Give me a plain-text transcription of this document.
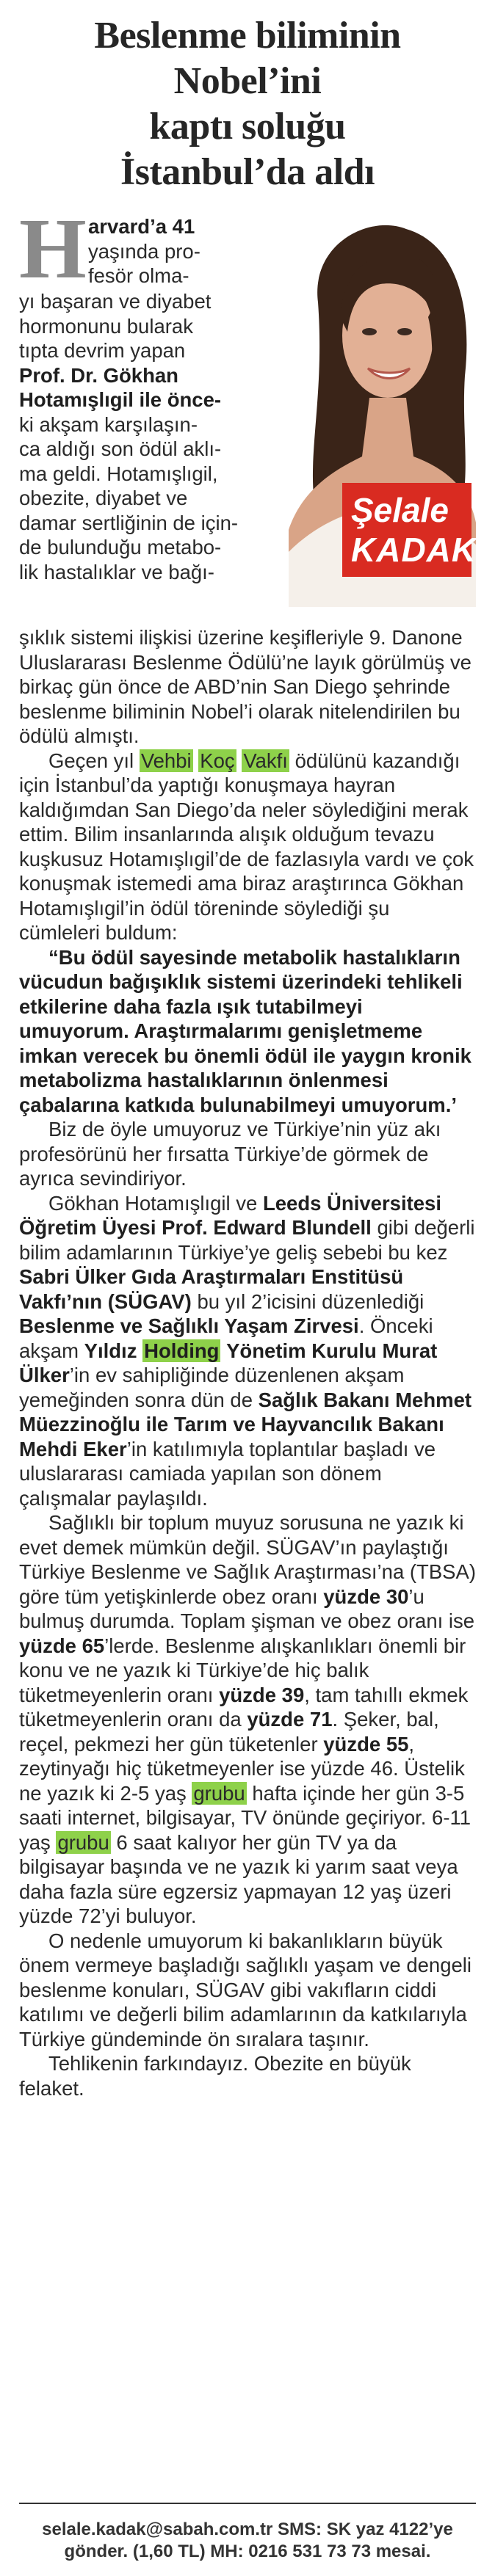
Beslenme biliminin
Nobel’ini
kaptı soluğu
İstanbul’da aldı
Şelale
KADAK
H arvard’a 41

yaşında pro-

fesör olma-

yı başaran ve diyabet

hormonunu bularak

tıpta devrim yapan

Prof. Dr. Gökhan

Hotamışlıgil ile önce-

ki akşam karşılaşın-

ca aldığı son ödül aklı-

ma geldi. Hotamışlıgil,

obezite, diyabet ve

damar sertliğinin de için-

de bulunduğu metabo-

lik hastalıklar ve bağı-

şıklık sistemi ilişkisi üzerine keşifleriyle 9. Danone Uluslararası Beslenme Ödülü’ne layık görülmüş ve birkaç gün önce de ABD’nin San Diego şehrinde beslenme biliminin Nobel’i olarak nitelendirilen bu ödülü almıştı.

Geçen yıl Vehbi Koç Vakfı ödülünü kazandığı için İstanbul’da yaptığı konuşmaya hayran kaldığımdan San Diego’da neler söylediğini merak ettim. Bilim insanlarında alışık olduğum tevazu kuşkusuz Hotamışlıgil’de de fazlasıyla vardı ve çok konuşmak istemedi ama biraz araştırınca Gökhan Hotamışlıgil’in ödül töreninde söylediği şu cümleleri buldum:

“Bu ödül sayesinde metabolik hastalıkların vücudun bağışıklık sistemi üzerindeki tehlikeli etkilerine daha fazla ışık tutabilmeyi umuyorum. Araştırmalarımı genişletmeme imkan verecek bu önemli ödül ile yaygın kronik metabolizma hastalıklarının önlenmesi çabalarına katkıda bulunabilmeyi umuyorum.’

Biz de öyle umuyoruz ve Türkiye’nin yüz akı profesörünü her fırsatta Türkiye’de görmek de ayrıca sevindiriyor.

Gökhan Hotamışlıgil ve Leeds Üniversitesi Öğretim Üyesi Prof. Edward Blundell gibi değerli bilim adamlarının Türkiye’ye geliş sebebi bu kez Sabri Ülker Gıda Araştırmaları Enstitüsü Vakfı’nın (SÜGAV) bu yıl 2’icisini düzenlediği Beslenme ve Sağlıklı Yaşam Zirvesi. Önceki akşam Yıldız Holding Yönetim Kurulu Murat Ülker’in ev sahipliğinde düzenlenen akşam yemeğinden sonra dün de Sağlık Bakanı Mehmet Müezzinoğlu ile Tarım ve Hayvancılık Bakanı Mehdi Eker’in katılımıyla toplantılar başladı ve uluslararası camiada yapılan son dönem çalışmalar paylaşıldı.

Sağlıklı bir toplum muyuz sorusuna ne yazık ki evet demek mümkün değil. SÜGAV’ın paylaştığı Türkiye Beslenme ve Sağlık Araştırması’na (TBSA) göre tüm yetişkinlerde obez oranı yüzde 30’u bulmuş durumda. Toplam şişman ve obez oranı ise yüzde 65’lerde. Beslenme alışkanlıkları önemli bir konu ve ne yazık ki Türkiye’de hiç balık tüketmeyenlerin oranı yüzde 39, tam tahıllı ekmek tüketmeyenlerin oranı da yüzde 71. Şeker, bal, reçel, pekmezi her gün tüketenler yüzde 55, zeytinyağı hiç tüketmeyenler ise yüzde 46. Üstelik ne yazık ki 2-5 yaş grubu hafta içinde her gün 3-5 saati internet, bilgisayar, TV önünde geçiriyor. 6-11 yaş grubu 6 saat kalıyor her gün TV ya da bilgisayar başında ve ne yazık ki yarım saat veya daha fazla süre egzersiz yapmayan 12 yaş üzeri yüzde 72’yi buluyor.

O nedenle umuyorum ki bakanlıkların büyük önem vermeye başladığı sağlıklı yaşam ve dengeli beslenme konuları, SÜGAV gibi vakıfların ciddi katılımı ve değerli bilim adamlarının da katkılarıyla Türkiye gündeminde ön sıralara taşınır.

Tehlikenin farkındayız. Obezite en büyük felaket.

selale.kadak@sabah.com.tr SMS: SK yaz 4122’ye
gönder. (1,60 TL) MH: 0216 531 73 73 mesai.
